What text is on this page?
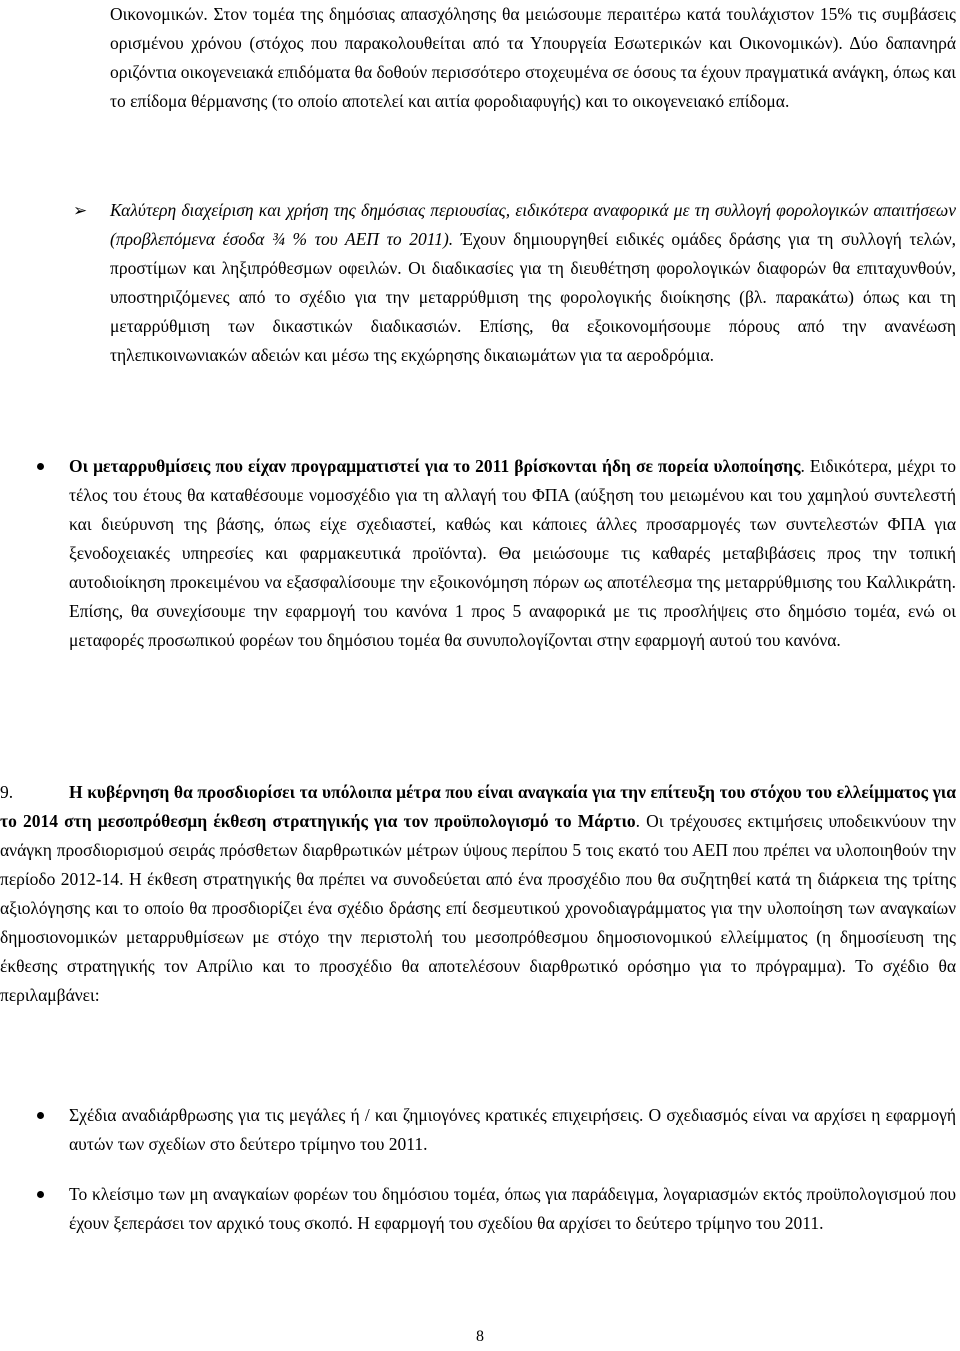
Οικονομικών. Στον τομέα της δημόσιας απασχόλησης θα μειώσουμε περαιτέρω κατά τουλάχιστον 15% τις συμβάσεις ορισμένου χρόνου (στόχος που παρακολουθείται από τα Υπουργεία Εσωτερικών και Οικονομικών). Δύο δαπανηρά οριζόντια οικογενειακά επιδόματα θα δοθούν περισσότερο στοχευμένα σε όσους τα έχουν πραγματικά ανάγκη, όπως και το επίδομα θέρμανσης (το οποίο αποτελεί και αιτία φοροδιαφυγής) και το οικογενειακό επίδομα.

➢ Καλύτερη διαχείριση και χρήση της δημόσιας περιουσίας, ειδικότερα αναφορικά με τη συλλογή φορολογικών απαιτήσεων (προβλεπόμενα έσοδα ¾ % του ΑΕΠ το 2011). Έχουν δημιουργηθεί ειδικές ομάδες δράσης για τη συλλογή τελών, προστίμων και ληξιπρόθεσμων οφειλών. Οι διαδικασίες για τη διευθέτηση φορολογικών διαφορών θα επιταχυνθούν, υποστηριζόμενες από το σχέδιο για την μεταρρύθμιση της φορολογικής διοίκησης (βλ. παρακάτω) όπως και τη μεταρρύθμιση των δικαστικών διαδικασιών. Επίσης, θα εξοικονομήσουμε πόρους από την ανανέωση τηλεπικοινωνιακών αδειών και μέσω της εκχώρησης δικαιωμάτων για τα αεροδρόμια.

Οι μεταρρυθμίσεις που είχαν προγραμματιστεί για το 2011 βρίσκονται ήδη σε πορεία υλοποίησης. Ειδικότερα, μέχρι το τέλος του έτους θα καταθέσουμε νομοσχέδιο για τη αλλαγή του ΦΠΑ (αύξηση του μειωμένου και του χαμηλού συντελεστή και διεύρυνση της βάσης, όπως είχε σχεδιαστεί, καθώς και κάποιες άλλες προσαρμογές των συντελεστών ΦΠΑ για ξενοδοχειακές υπηρεσίες και φαρμακευτικά προϊόντα). Θα μειώσουμε τις καθαρές μεταβιβάσεις προς την τοπική αυτοδιοίκηση προκειμένου να εξασφαλίσουμε την εξοικονόμηση πόρων ως αποτέλεσμα της μεταρρύθμισης του Καλλικράτη. Επίσης, θα συνεχίσουμε την εφαρμογή του κανόνα 1 προς 5 αναφορικά με τις προσλήψεις στο δημόσιο τομέα, ενώ οι μεταφορές προσωπικού φορέων του δημόσιου τομέα θα συνυπολογίζονται στην εφαρμογή αυτού του κανόνα.

Η κυβέρνηση θα προσδιορίσει τα υπόλοιπα μέτρα που είναι αναγκαία για την επίτευξη του στόχου του ελλείμματος για το 2014 στη μεσοπρόθεσμη έκθεση στρατηγικής για τον προϋπολογισμό το Μάρτιο. Οι τρέχουσες εκτιμήσεις υποδεικνύουν την ανάγκη προσδιορισμού σειράς πρόσθετων διαρθρωτικών μέτρων ύψους περίπου 5 τοις εκατό του ΑΕΠ που πρέπει να υλοποιηθούν την περίοδο 2012-14. Η έκθεση στρατηγικής θα πρέπει να συνοδεύεται από ένα προσχέδιο που θα συζητηθεί κατά τη διάρκεια της τρίτης αξιολόγησης και το οποίο θα προσδιορίζει ένα σχέδιο δράσης επί δεσμευτικού χρονοδιαγράμματος για την υλοποίηση των αναγκαίων δημοσιονομικών μεταρρυθμίσεων με στόχο την περιστολή του μεσοπρόθεσμου δημοσιονομικού ελλείμματος (η δημοσίευση της έκθεσης στρατηγικής τον Απρίλιο και το προσχέδιο θα αποτελέσουν διαρθρωτικό ορόσημο για το πρόγραμμα). Το σχέδιο θα περιλαμβάνει:

9.

Σχέδια αναδιάρθρωσης για τις μεγάλες ή / και ζημιογόνες κρατικές επιχειρήσεις. Ο σχεδιασμός είναι να αρχίσει η εφαρμογή αυτών των σχεδίων στο δεύτερο τρίμηνο του 2011.

Το κλείσιμο των μη αναγκαίων φορέων του δημόσιου τομέα, όπως για παράδειγμα, λογαριασμών εκτός προϋπολογισμού που έχουν ξεπεράσει τον αρχικό τους σκοπό. Η εφαρμογή του σχεδίου θα αρχίσει το δεύτερο τρίμηνο του 2011.

8
